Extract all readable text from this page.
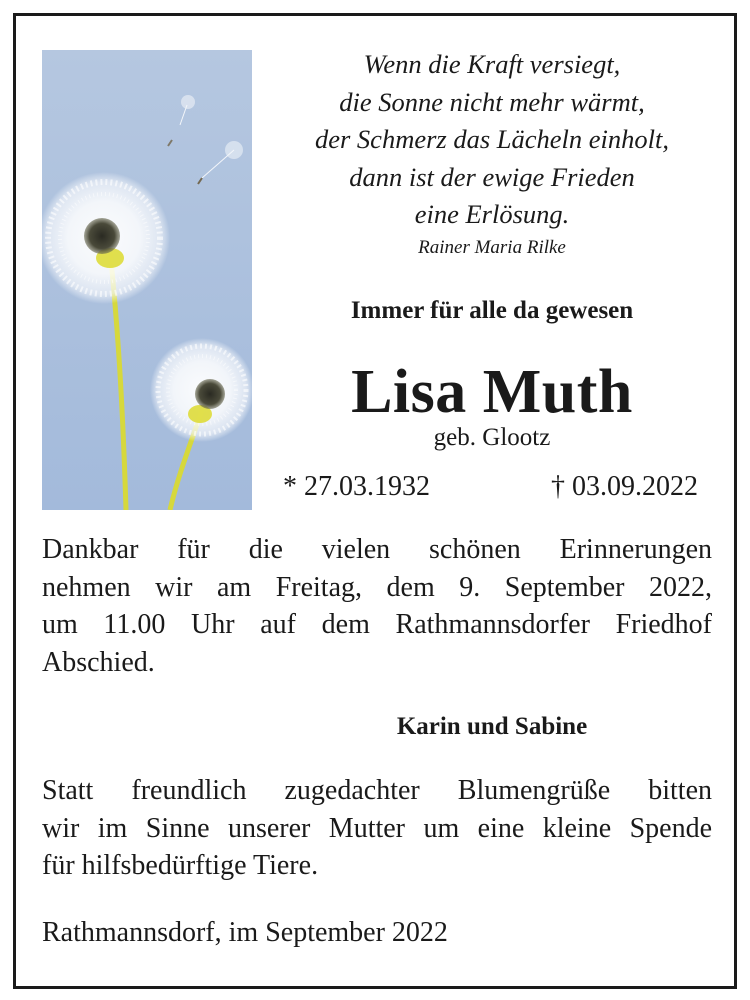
Wenn die Kraft versiegt,
die Sonne nicht mehr wärmt,
der Schmerz das Lächeln einholt,
dann ist der ewige Frieden
eine Erlösung.
Rainer Maria Rilke
Immer für alle da gewesen
Lisa Muth
geb. Glootz
* 27.03.1932	† 03.09.2022
Dankbar für die vielen schönen Erinnerungen
nehmen wir am Freitag, dem 9. September 2022,
um 11.00 Uhr auf dem Rathmannsdorfer Friedhof
Abschied.
Karin und Sabine
Statt freundlich zugedachter Blumengrüße bitten
wir im Sinne unserer Mutter um eine kleine Spende
für hilfsbedürftige Tiere.
Rathmannsdorf, im September 2022
